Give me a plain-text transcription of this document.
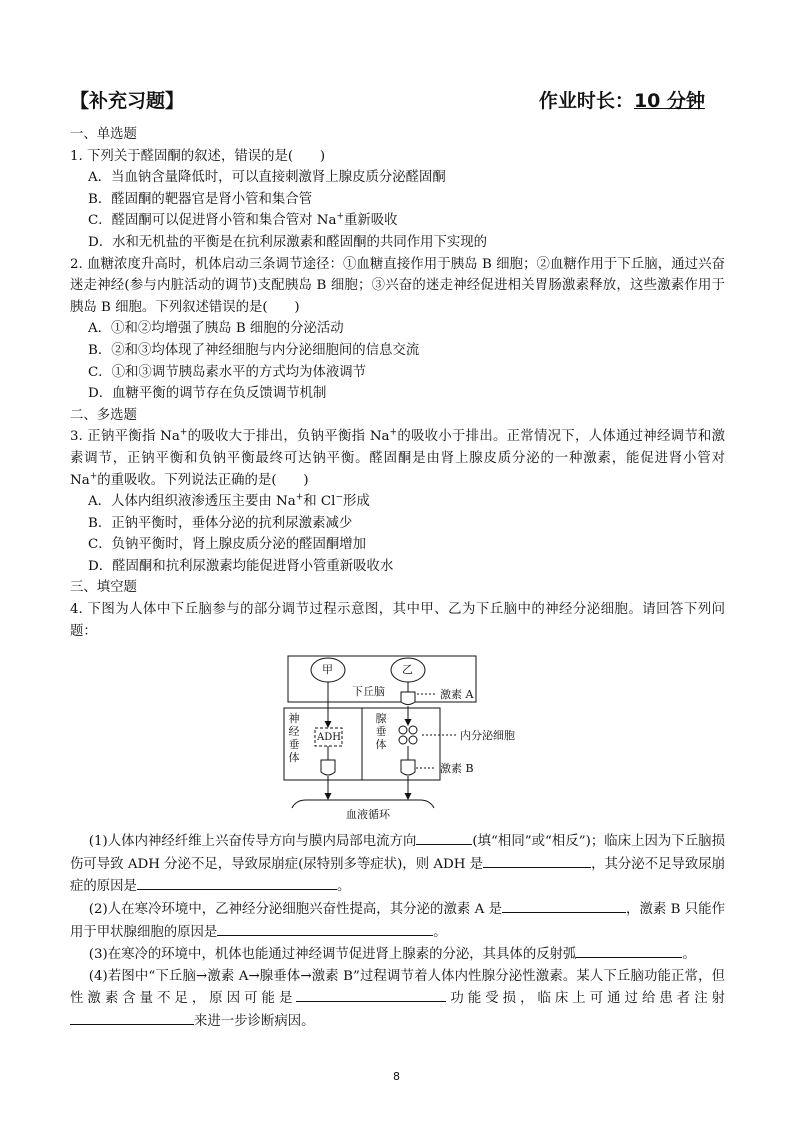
【补充习题】	作业时长：10 分钟

一、单选题

1. 下列关于醛固酮的叙述，错误的是(　　)

A．当血钠含量降低时，可以直接刺激肾上腺皮质分泌醛固酮

B．醛固酮的靶器官是肾小管和集合管

C．醛固酮可以促进肾小管和集合管对 Na+重新吸收

D．水和无机盐的平衡是在抗利尿激素和醛固酮的共同作用下实现的

2. 血糖浓度升高时，机体启动三条调节途径：①血糖直接作用于胰岛 B 细胞；②血糖作用于下丘脑，通过兴奋迷走神经(参与内脏活动的调节)支配胰岛 B 细胞；③兴奋的迷走神经促进相关胃肠激素释放，这些激素作用于胰岛 B 细胞。下列叙述错误的是(　　)

A．①和②均增强了胰岛 B 细胞的分泌活动

B．②和③均体现了神经细胞与内分泌细胞间的信息交流

C．①和③调节胰岛素水平的方式均为体液调节

D．血糖平衡的调节存在负反馈调节机制

二、多选题

3. 正钠平衡指 Na+的吸收大于排出，负钠平衡指 Na+的吸收小于排出。正常情况下，人体通过神经调节和激素调节，正钠平衡和负钠平衡最终可达钠平衡。醛固酮是由肾上腺皮质分泌的一种激素，能促进肾小管对 Na+的重吸收。下列说法正确的是(　　)

A．人体内组织液渗透压主要由 Na+和 Cl−形成

B．正钠平衡时，垂体分泌的抗利尿激素减少

C．负钠平衡时，肾上腺皮质分泌的醛固酮增加

D．醛固酮和抗利尿激素均能促进肾小管重新吸收水

三、填空题

4. 下图为人体中下丘脑参与的部分调节过程示意图，其中甲、乙为下丘脑中的神经分泌细胞。请回答下列问题：

甲	乙
下丘脑	激素 A
神经垂体
ADH
腺垂体
内分泌细胞
激素 B
血液循环

(1)人体内神经纤维上兴奋传导方向与膜内局部电流方向	(填“相同”或“相反”)；临床上因为下丘脑损伤可导致 ADH 分泌不足，导致尿崩症(尿特别多等症状)，则 ADH 是	，其分泌不足导致尿崩症的原因是	。

(2)人在寒冷环境中，乙神经分泌细胞兴奋性提高，其分泌的激素 A 是	，激素 B 只能作用于甲状腺细胞的原因是	。

(3)在寒冷的环境中，机体也能通过神经调节促进肾上腺素的分泌，其具体的反射弧	。

(4)若图中“下丘脑→激素 A→腺垂体→激素 B”过程调节着人体内性腺分泌性激素。某人下丘脑功能正常，但性激素含量不足，原因可能是	功能受损，临床上可通过给患者注射来进一步诊断病因。

8
